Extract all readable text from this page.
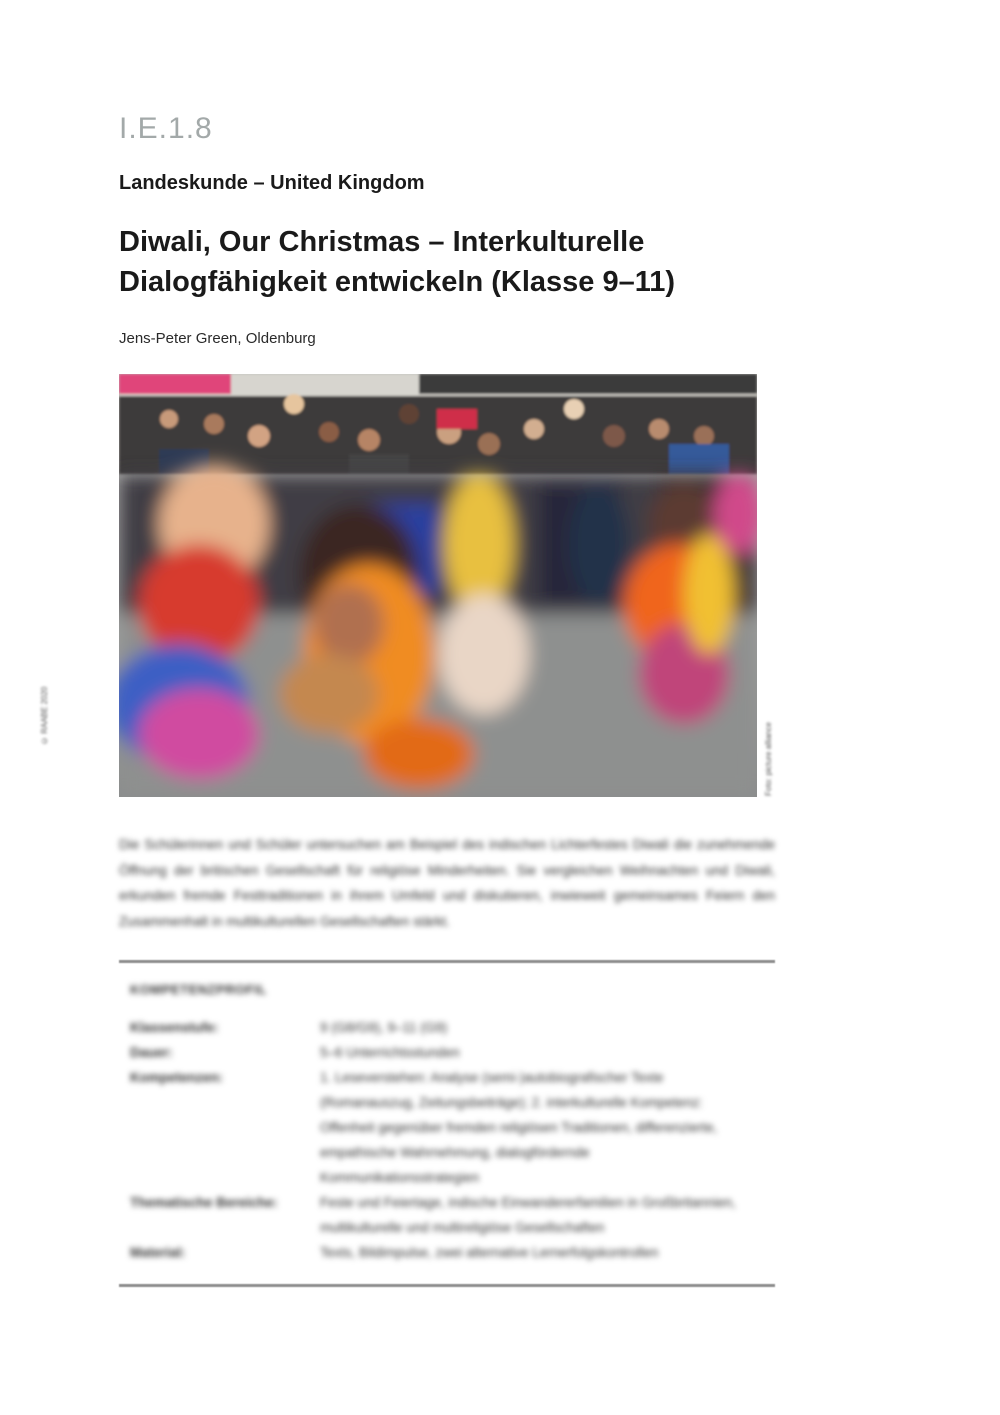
I.E.1.8
Landeskunde – United Kingdom
Diwali, Our Christmas – Interkulturelle Dialogfähigkeit entwickeln (Klasse 9–11)
Jens-Peter Green, Oldenburg
© RAABE 2020
Foto: picture alliance
Die Schülerinnen und Schüler untersuchen am Beispiel des indischen Lichterfestes Diwali die zunehmende Öffnung der britischen Gesellschaft für religiöse Minderheiten. Sie vergleichen Weihnachten und Diwali, erkunden fremde Festtraditionen in ihrem Umfeld und diskutieren, inwieweit gemeinsames Feiern den Zusammenhalt in multikulturellen Gesellschaften stärkt.
KOMPETENZPROFIL
Klassenstufe:	9 (G8/G9), 9–11 (G9)
Dauer:	5–6 Unterrichtsstunden
Kompetenzen:	1. Leseverstehen: Analyse (semi-)autobiografischer Texte (Romanauszug, Zeitungsbeiträge); 2. interkulturelle Kompetenz: Offenheit gegenüber fremden religiösen Traditionen, differenzierte, empathische Wahrnehmung, dialogfördernde Kommunikationsstrategien
Thematische Bereiche:	Feste und Feiertage, indische Einwandererfamilien in Großbritannien, multikulturelle und multireligiöse Gesellschaften
Material:	Texts, Bildimpulse, zwei alternative Lernerfolgskontrollen
